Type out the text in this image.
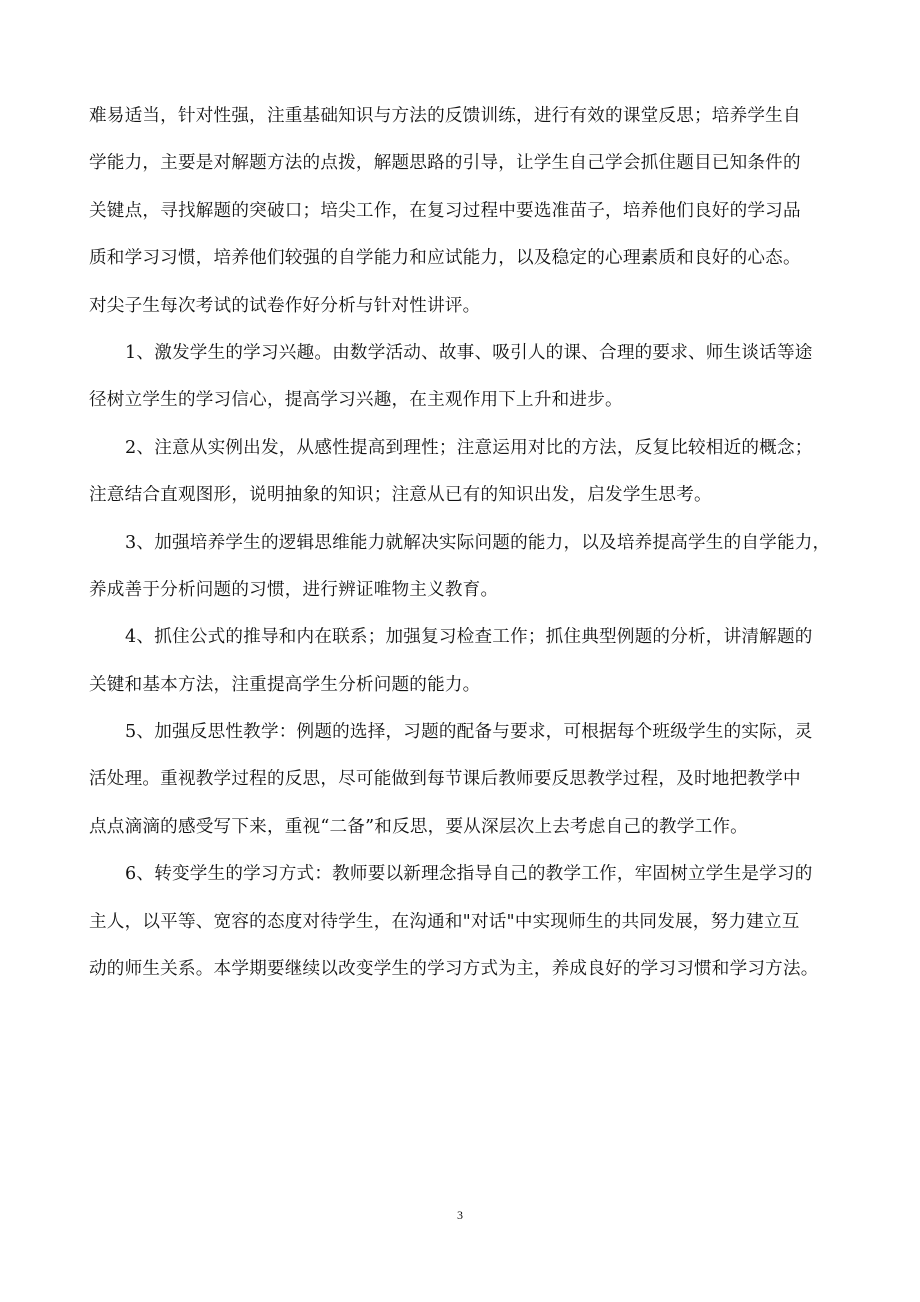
难易适当，针对性强，注重基础知识与方法的反馈训练，进行有效的课堂反思；培养学生自
学能力，主要是对解题方法的点拨，解题思路的引导，让学生自己学会抓住题目已知条件的
关键点，寻找解题的突破口；培尖工作，在复习过程中要选准苗子，培养他们良好的学习品
质和学习习惯，培养他们较强的自学能力和应试能力，以及稳定的心理素质和良好的心态。
对尖子生每次考试的试卷作好分析与针对性讲评。
1、激发学生的学习兴趣。由数学活动、故事、吸引人的课、合理的要求、师生谈话等途
径树立学生的学习信心，提高学习兴趣，在主观作用下上升和进步。
2、注意从实例出发，从感性提高到理性；注意运用对比的方法，反复比较相近的概念；
注意结合直观图形，说明抽象的知识；注意从已有的知识出发，启发学生思考。
3、加强培养学生的逻辑思维能力就解决实际问题的能力，以及培养提高学生的自学能力，
养成善于分析问题的习惯，进行辨证唯物主义教育。
4、抓住公式的推导和内在联系；加强复习检查工作；抓住典型例题的分析，讲清解题的
关键和基本方法，注重提高学生分析问题的能力。
5、加强反思性教学：例题的选择，习题的配备与要求，可根据每个班级学生的实际，灵
活处理。重视教学过程的反思，尽可能做到每节课后教师要反思教学过程，及时地把教学中
点点滴滴的感受写下来，重视“二备”和反思，要从深层次上去考虑自己的教学工作。
6、转变学生的学习方式：教师要以新理念指导自己的教学工作，牢固树立学生是学习的
主人，以平等、宽容的态度对待学生，在沟通和"对话"中实现师生的共同发展，努力建立互
动的师生关系。本学期要继续以改变学生的学习方式为主，养成良好的学习习惯和学习方法。
3
